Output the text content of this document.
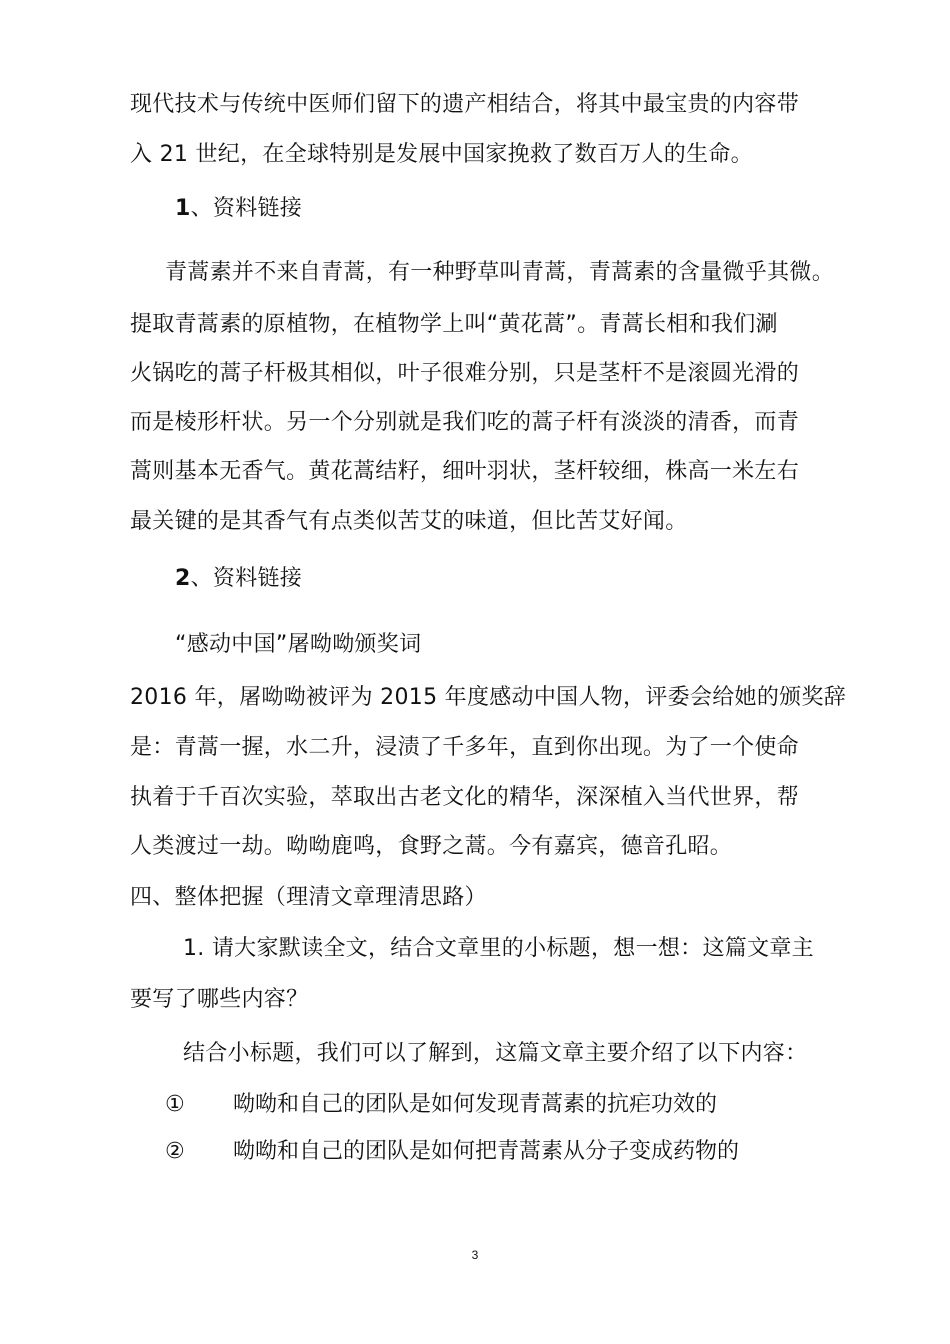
现代技术与传统中医师们留下的遗产相结合，将其中最宝贵的内容带
入 21 世纪，在全球特别是发展中国家挽救了数百万人的生命。
1、资料链接
青蒿素并不来自青蒿，有一种野草叫青蒿，青蒿素的含量微乎其微。
提取青蒿素的原植物，在植物学上叫“黄花蒿”。青蒿长相和我们涮
火锅吃的蒿子杆极其相似，叶子很难分别，只是茎杆不是滚圆光滑的
而是棱形杆状。另一个分别就是我们吃的蒿子杆有淡淡的清香，而青
蒿则基本无香气。黄花蒿结籽，细叶羽状，茎杆较细，株高一米左右
最关键的是其香气有点类似苦艾的味道，但比苦艾好闻。
2、资料链接
“感动中国”屠呦呦颁奖词
2016 年，屠呦呦被评为 2015 年度感动中国人物，评委会给她的颁奖辞
是：青蒿一握，水二升，浸渍了千多年，直到你出现。为了一个使命
执着于千百次实验，萃取出古老文化的精华，深深植入当代世界，帮
人类渡过一劫。呦呦鹿鸣，食野之蒿。今有嘉宾，德音孔昭。
四、整体把握（理清文章理清思路）
1. 请大家默读全文，结合文章里的小标题，想一想：这篇文章主
要写了哪些内容？
结合小标题，我们可以了解到，这篇文章主要介绍了以下内容：
① 呦呦和自己的团队是如何发现青蒿素的抗疟功效的
② 呦呦和自己的团队是如何把青蒿素从分子变成药物的
3
